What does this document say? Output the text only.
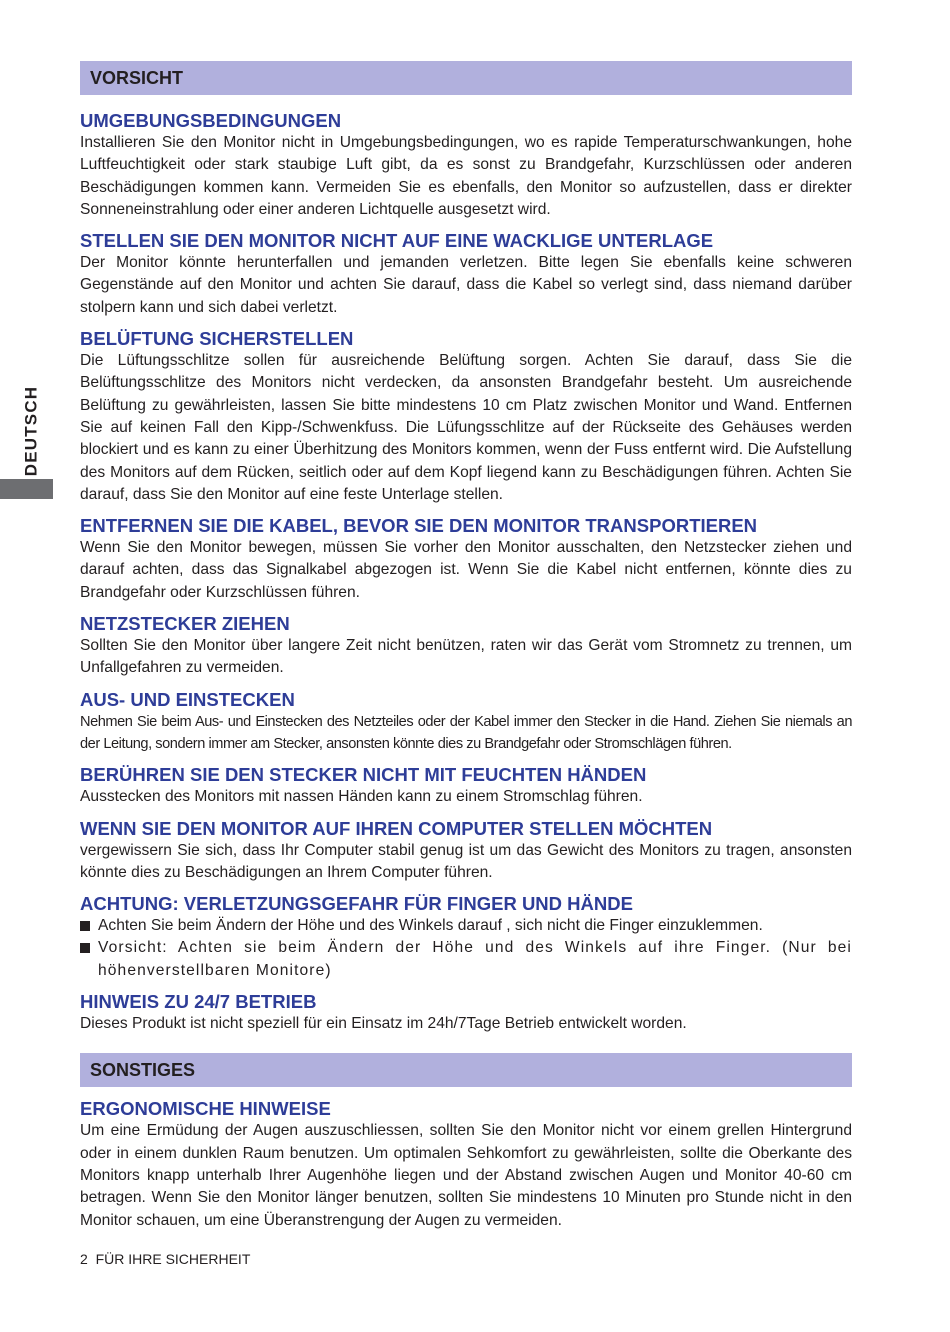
DEUTSCH
VORSICHT
UMGEBUNGSBEDINGUNGEN
Installieren Sie den Monitor nicht in Umgebungsbedingungen, wo es rapide Temperaturschwankungen, hohe Luftfeuchtigkeit oder stark staubige Luft gibt, da es sonst zu Brandgefahr, Kurzschlüssen oder anderen Beschädigungen kommen kann. Vermeiden Sie es ebenfalls, den Monitor so aufzustellen, dass er direkter Sonneneinstrahlung oder einer anderen Lichtquelle ausgesetzt wird.
STELLEN SIE DEN MONITOR NICHT AUF EINE WACKLIGE UNTERLAGE
Der Monitor könnte herunterfallen und jemanden verletzen. Bitte legen Sie ebenfalls keine schweren Gegenstände auf den Monitor und achten Sie darauf, dass die Kabel so verlegt sind, dass niemand darüber stolpern kann und sich dabei verletzt.
BELÜFTUNG SICHERSTELLEN
Die Lüftungsschlitze sollen für ausreichende Belüftung sorgen. Achten Sie darauf, dass Sie die Belüftungsschlitze des Monitors nicht verdecken, da ansonsten Brandgefahr besteht. Um ausreichende Belüftung zu gewährleisten, lassen Sie bitte mindestens 10 cm Platz zwischen Monitor und Wand. Entfernen Sie auf keinen Fall den Kipp-/Schwenkfuss. Die Lüfungsschlitze auf der Rückseite des Gehäuses werden blockiert und es kann zu einer Überhitzung des Monitors kommen, wenn der Fuss entfernt wird. Die Aufstellung des Monitors auf dem Rücken, seitlich oder auf dem Kopf liegend kann zu Beschädigungen führen. Achten Sie darauf, dass Sie den Monitor auf eine feste Unterlage stellen.
ENTFERNEN SIE DIE KABEL, BEVOR SIE DEN MONITOR TRANSPORTIEREN
Wenn Sie den Monitor bewegen, müssen Sie vorher den Monitor ausschalten, den Netzstecker ziehen und darauf achten, dass das Signalkabel abgezogen ist. Wenn Sie die Kabel nicht entfernen, könnte dies zu Brandgefahr oder Kurzschlüssen führen.
NETZSTECKER ZIEHEN
Sollten Sie den Monitor über langere Zeit nicht benützen, raten wir das Gerät vom Stromnetz zu trennen, um Unfallgefahren zu vermeiden.
AUS- UND EINSTECKEN
Nehmen Sie beim Aus- und Einstecken des Netzteiles oder der Kabel immer den Stecker in die Hand. Ziehen Sie niemals an der Leitung, sondern immer am Stecker, ansonsten könnte dies zu Brandgefahr oder Stromschlägen führen.
BERÜHREN SIE DEN STECKER NICHT MIT FEUCHTEN HÄNDEN
Ausstecken des Monitors mit nassen Händen kann zu einem Stromschlag führen.
WENN SIE DEN MONITOR AUF IHREN COMPUTER STELLEN MÖCHTEN
vergewissern Sie sich, dass Ihr Computer stabil genug ist um das Gewicht des Monitors zu tragen, ansonsten könnte dies zu Beschädigungen an Ihrem Computer führen.
ACHTUNG: VERLETZUNGSGEFAHR FÜR FINGER UND HÄNDE
Achten Sie beim Ändern der Höhe und des Winkels darauf , sich nicht die Finger einzuklemmen.
Vorsicht: Achten sie beim Ändern der Höhe und des Winkels auf ihre Finger. (Nur bei höhenverstellbaren Monitore)
HINWEIS ZU 24/7 BETRIEB
Dieses Produkt ist nicht speziell für ein Einsatz im 24h/7Tage Betrieb entwickelt worden.
SONSTIGES
ERGONOMISCHE HINWEISE
Um eine Ermüdung der Augen auszuschliessen, sollten Sie den Monitor nicht vor einem grellen Hintergrund oder in einem dunklen Raum benutzen. Um optimalen Sehkomfort zu gewährleisten, sollte die Oberkante des Monitors knapp unterhalb Ihrer Augenhöhe liegen und der Abstand zwischen Augen und Monitor 40-60 cm betragen. Wenn Sie den Monitor länger benutzen, sollten Sie mindestens 10 Minuten pro Stunde nicht in den Monitor schauen, um eine Überanstrengung der Augen zu vermeiden.
2 FÜR IHRE SICHERHEIT
